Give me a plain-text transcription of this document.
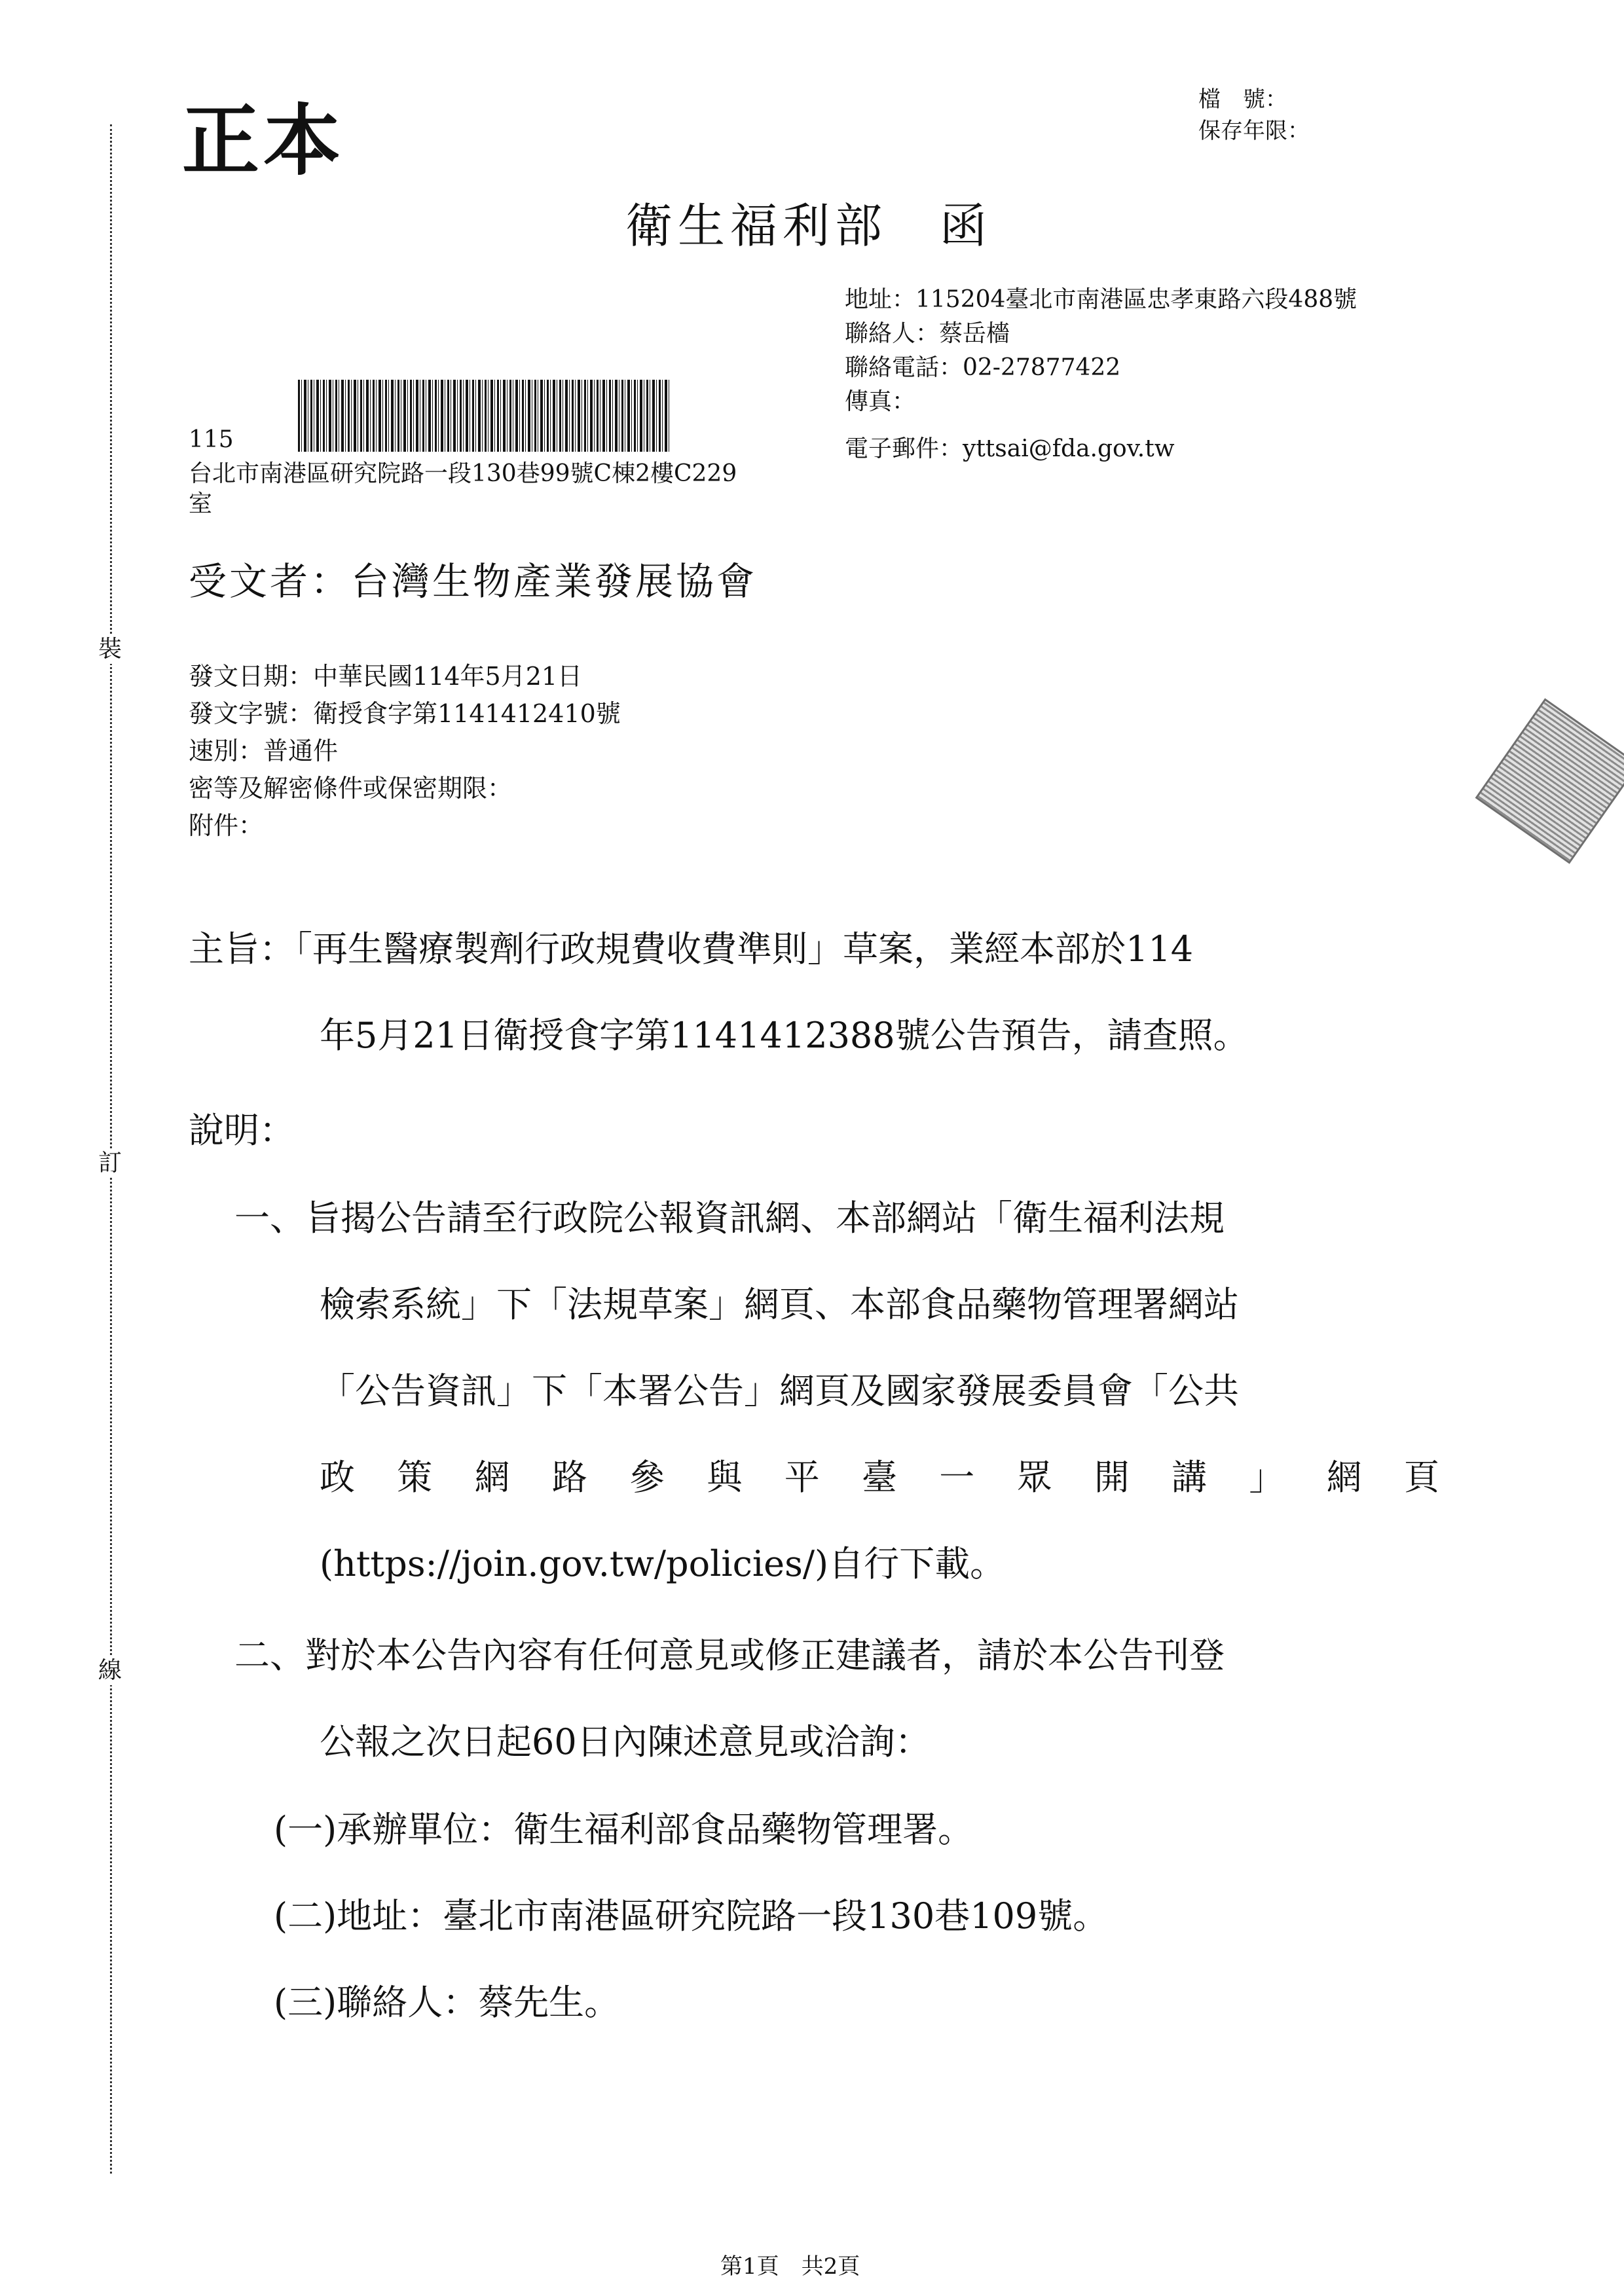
裝
訂
線
正本	檔　號：
保存年限：
衛生福利部　函
地址：115204臺北市南港區忠孝東路六段488號
聯絡人：蔡岳檣
聯絡電話：02-27877422
傳真：
電子郵件：yttsai@fda.gov.tw
115
台北市南港區研究院路一段130巷99號C棟2樓C229
室
受文者：台灣生物產業發展協會
發文日期：中華民國114年5月21日
發文字號：衛授食字第1141412410號
速別：普通件
密等及解密條件或保密期限：
附件：
主旨：「再生醫療製劑行政規費收費準則」草案，業經本部於114
年5月21日衛授食字第1141412388號公告預告，請查照。
說明：
一、旨揭公告請至行政院公報資訊網、本部網站「衛生福利法規
檢索系統」下「法規草案」網頁、本部食品藥物管理署網站
「公告資訊」下「本署公告」網頁及國家發展委員會「公共
政 策 網 路 參 與 平 臺 一 眾 開 講 」 網 頁
(https://join.gov.tw/policies/)自行下載。
二、對於本公告內容有任何意見或修正建議者，請於本公告刊登
公報之次日起60日內陳述意見或洽詢：
(一)承辦單位：衛生福利部食品藥物管理署。
(二)地址：臺北市南港區研究院路一段130巷109號。
(三)聯絡人：蔡先生。
第1頁　共2頁
